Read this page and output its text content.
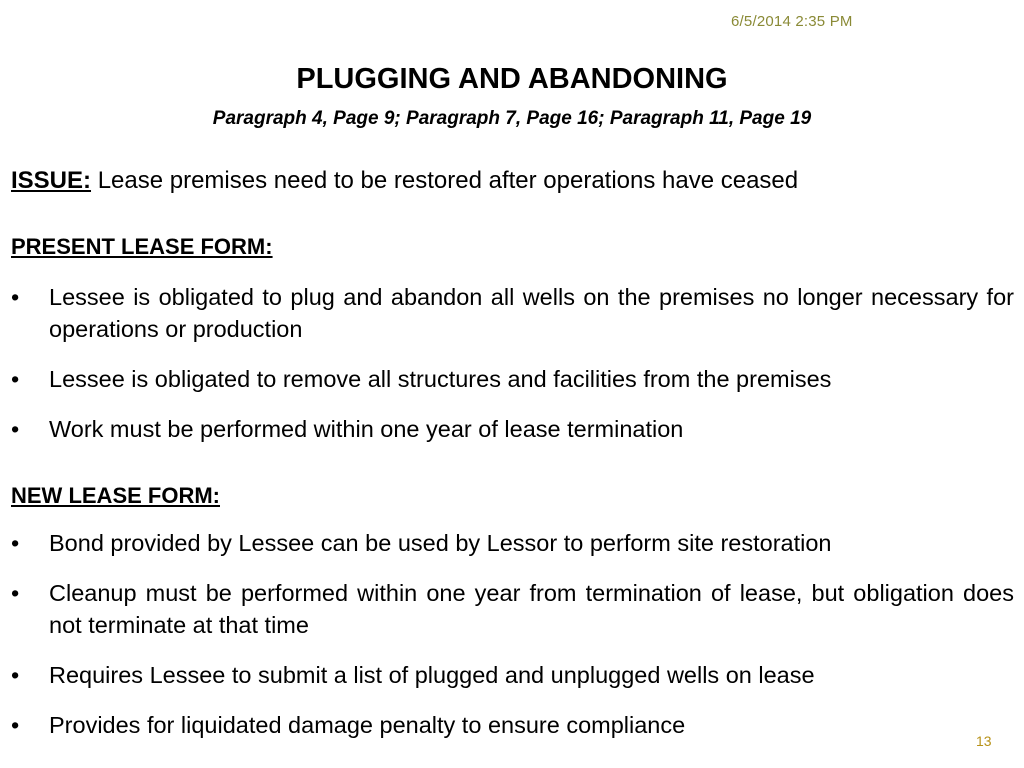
6/5/2014 2:35 PM
PLUGGING AND ABANDONING
Paragraph 4, Page 9; Paragraph 7, Page 16; Paragraph 11, Page 19
ISSUE: Lease premises need to be restored after operations have ceased
PRESENT LEASE FORM:
• Lessee is obligated to plug and abandon all wells on the premises no longer necessary for operations or production
• Lessee is obligated to remove all structures and facilities from the premises
• Work must be performed within one year of lease termination
NEW LEASE FORM:
• Bond provided by Lessee can be used by Lessor to perform site restoration
• Cleanup must be performed within one year from termination of lease, but obligation does not terminate at that time
• Requires Lessee to submit a list of plugged and unplugged wells on lease
• Provides for liquidated damage penalty to ensure compliance
13
